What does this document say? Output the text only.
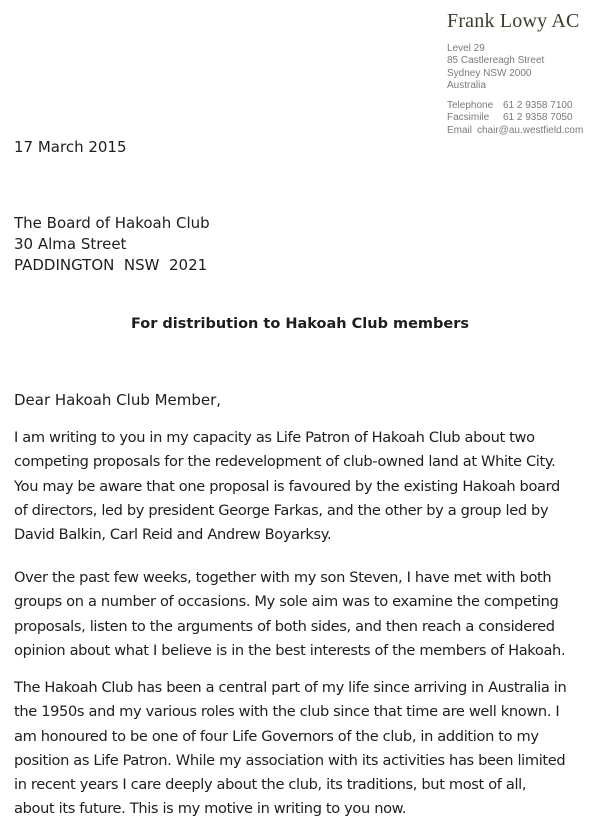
Frank Lowy AC
Level 29
85 Castlereagh Street
Sydney NSW 2000
Australia
Telephone 61 2 9358 7100
Facsimile 61 2 9358 7050
Email chair@au.westfield.com
17 March 2015
The Board of Hakoah Club
30 Alma Street
PADDINGTON  NSW  2021
For distribution to Hakoah Club members
Dear Hakoah Club Member,
I am writing to you in my capacity as Life Patron of Hakoah Club about two
competing proposals for the redevelopment of club-owned land at White City.
You may be aware that one proposal is favoured by the existing Hakoah board
of directors, led by president George Farkas, and the other by a group led by
David Balkin, Carl Reid and Andrew Boyarksy.
Over the past few weeks, together with my son Steven, I have met with both
groups on a number of occasions. My sole aim was to examine the competing
proposals, listen to the arguments of both sides, and then reach a considered
opinion about what I believe is in the best interests of the members of Hakoah.
The Hakoah Club has been a central part of my life since arriving in Australia in
the 1950s and my various roles with the club since that time are well known. I
am honoured to be one of four Life Governors of the club, in addition to my
position as Life Patron. While my association with its activities has been limited
in recent years I care deeply about the club, its traditions, but most of all,
about its future. This is my motive in writing to you now.
